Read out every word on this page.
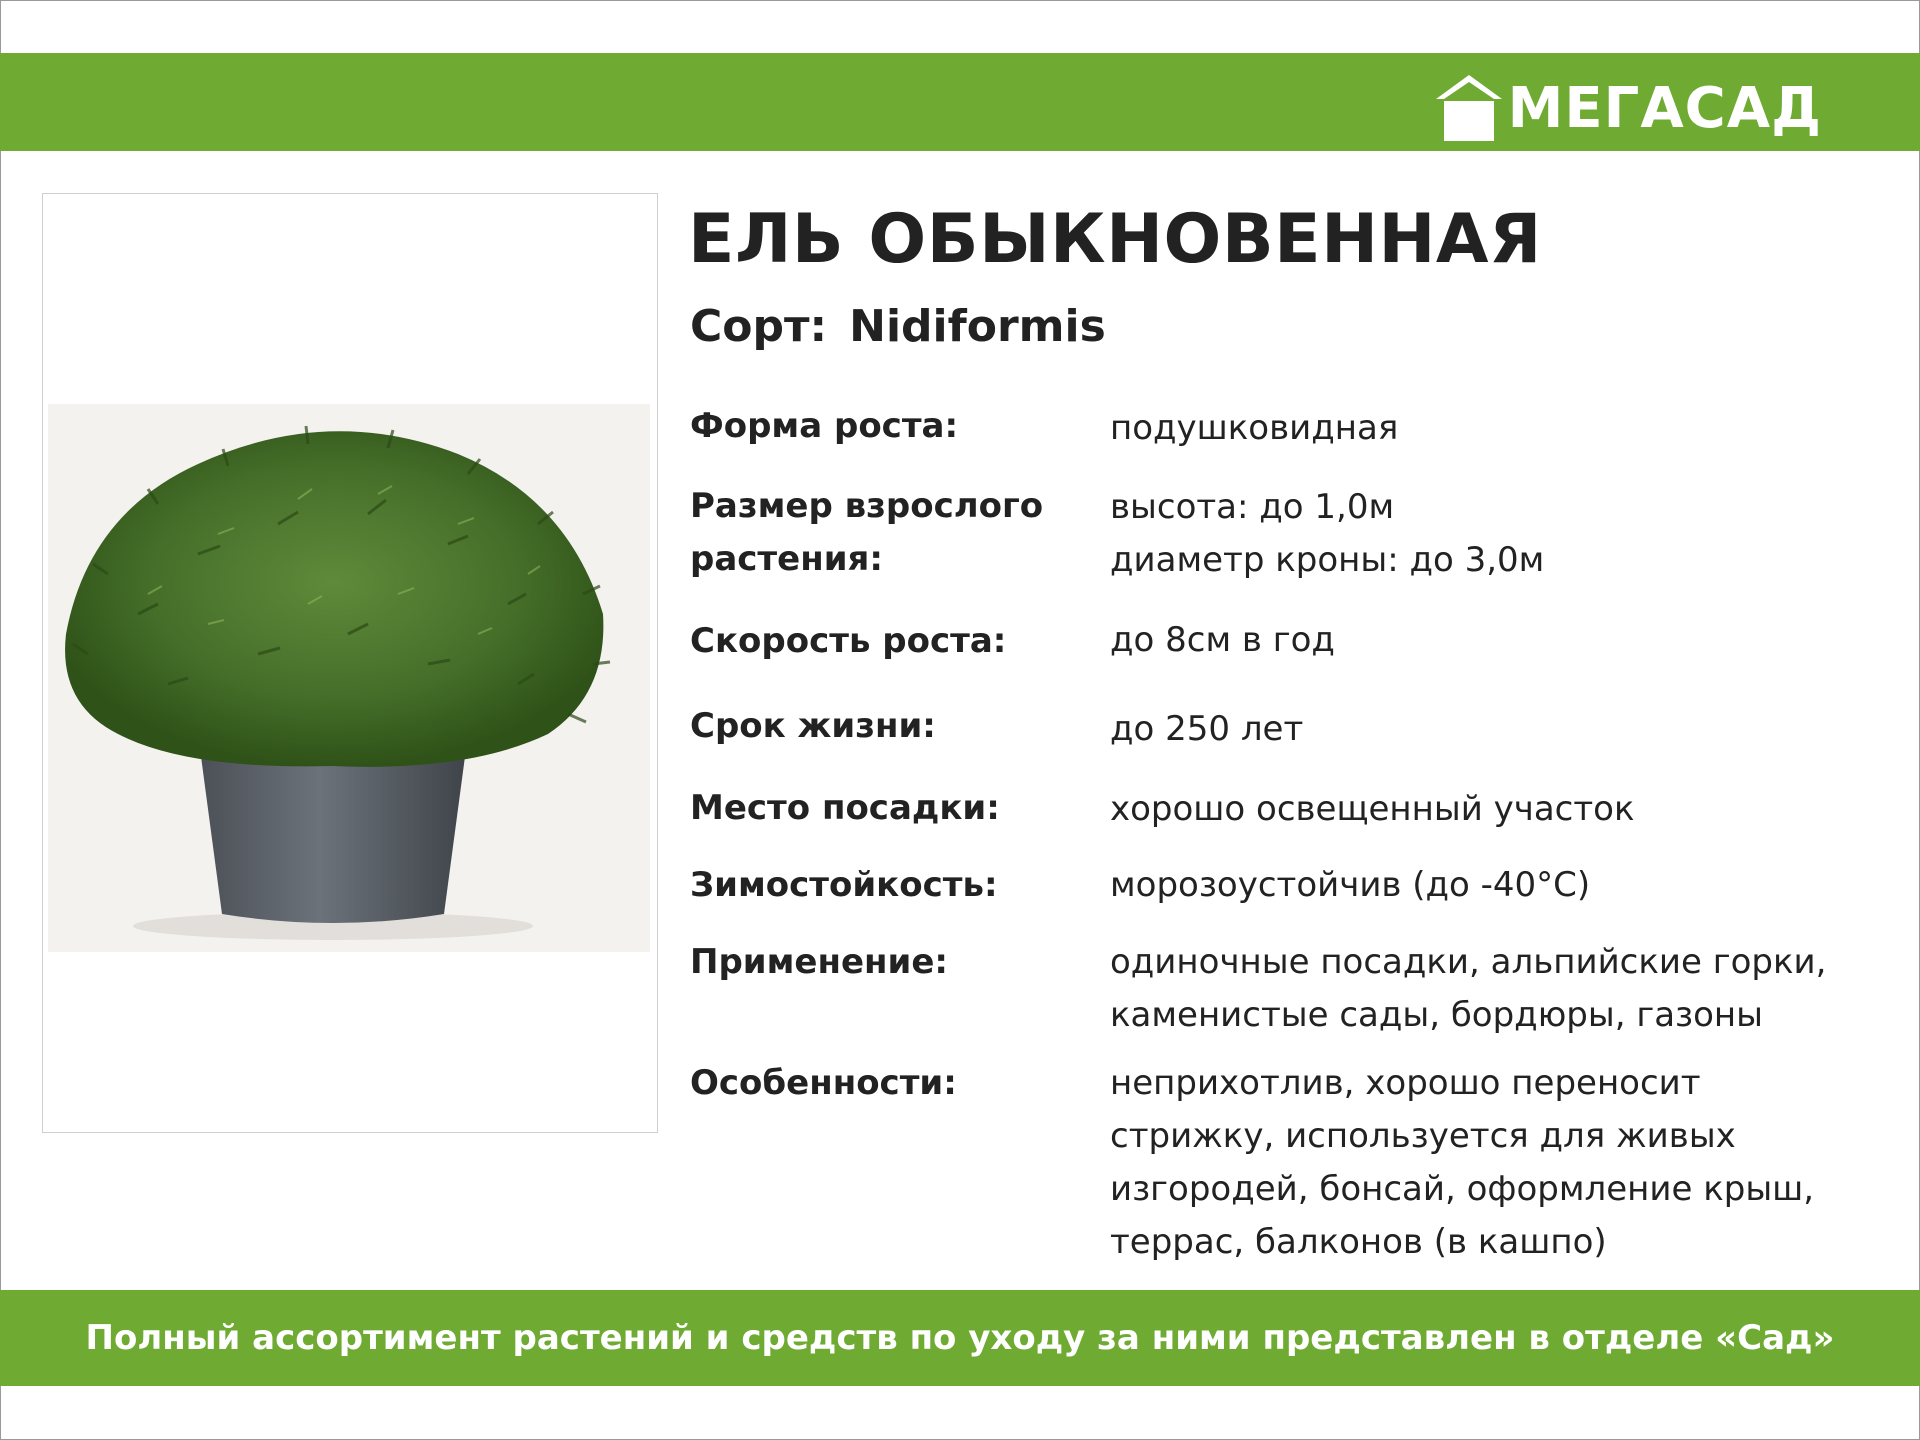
МЕГАСАД
ЕЛЬ ОБЫКНОВЕННАЯ
Сорт: Nidiformis
Форма роста:	подушковидная
Размер взрослого
растения:
высота: до 1,0м
диаметр кроны: до 3,0м
Скорость роста:	до 8см в год
Срок жизни:	до 250 лет
Место посадки:	хорошо освещенный участок
Зимостойкость:	морозоустойчив (до -40°С)
Применение:	одиночные посадки, альпийские горки,
каменистые сады, бордюры, газоны
Особенности:	неприхотлив, хорошо переносит
стрижку, используется для живых
изгородей, бонсай, оформление крыш,
террас, балконов (в кашпо)
Полный ассортимент растений и средств по уходу за ними представлен в отделе «Сад»
